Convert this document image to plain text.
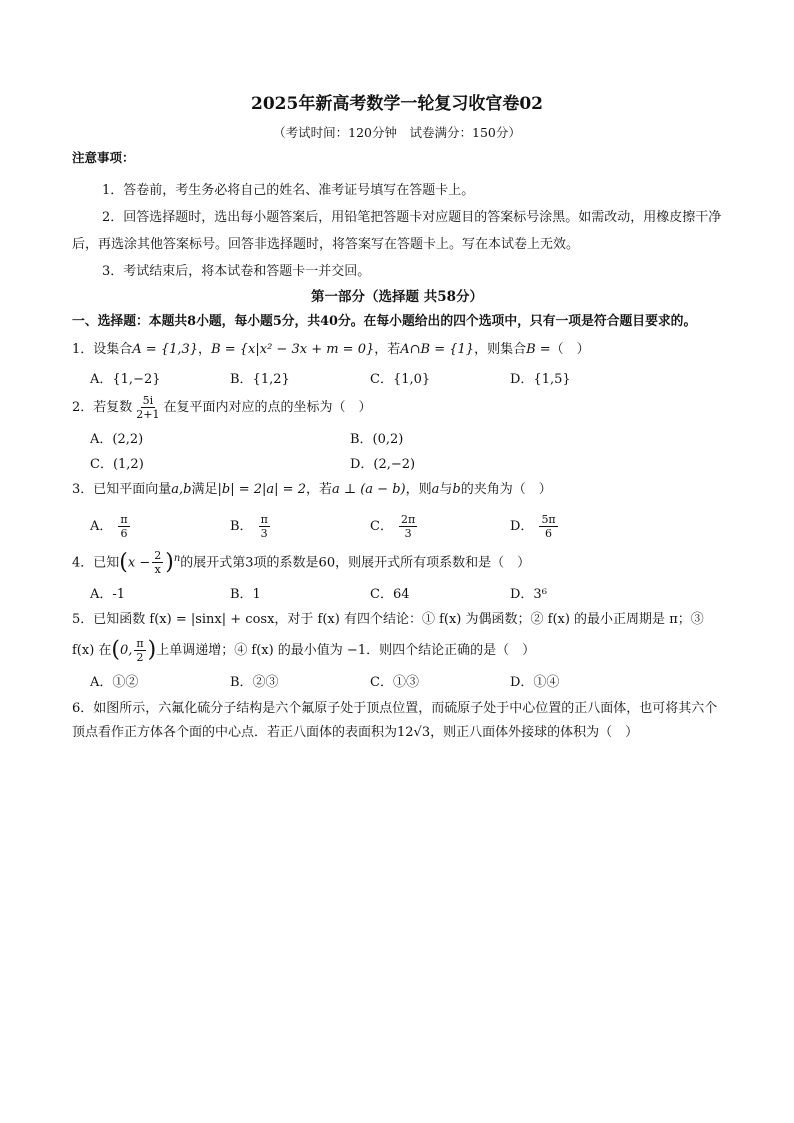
2025年新高考数学一轮复习收官卷02
（考试时间：120分钟　试卷满分：150分）
注意事项：
1．答卷前，考生务必将自己的姓名、准考证号填写在答题卡上。
2．回答选择题时，选出每小题答案后，用铅笔把答题卡对应题目的答案标号涂黑。如需改动，用橡皮擦干净后，再选涂其他答案标号。回答非选择题时，将答案写在答题卡上。写在本试卷上无效。
3．考试结束后，将本试卷和答题卡一并交回。
第一部分（选择题 共58分）
一、选择题：本题共8小题，每小题5分，共40分。在每小题给出的四个选项中，只有一项是符合题目要求的。
1．设集合A = {1,3}，B = {x|x² − 3x + m = 0}，若A∩B = {1}，则集合B =（　）
A．{1,−2}	B．{1,2}	C．{1,0}	D．{1,5}
2．若复数 $\frac{5i}{2+1}$ 在复平面内对应的点的坐标为（　）
A．(2,2)	B．(0,2)
C．(1,2)	D．(2,−2)
3．已知平面向量a,b满足|b| = 2|a| = 2，若a ⊥ (a − b)，则a与b的夹角为（　）
A． $\frac{\pi}{6}$	B． $\frac{\pi}{3}$	C． $\frac{2\pi}{3}$	D． $\frac{5\pi}{6}$
4．已知$(x - \frac{2}{x} )^n$的展开式第3项的系数是60，则展开式所有项系数和是（　）
A．-1	B．1	C．64	D．3⁶
5．已知函数 f(x) = |sinx| + cosx，对于 f(x) 有四个结论：① f(x) 为偶函数；② f(x) 的最小正周期是 π；③
f(x) 在(0, $\frac{\pi}{2}$ )上单调递增；④ f(x) 的最小值为 −1．则四个结论正确的是（　）
A．①②	B．②③	C．①③	D．①④
6．如图所示，六氟化硫分子结构是六个氟原子处于顶点位置，而硫原子处于中心位置的正八面体，也可将其六个顶点看作正方体各个面的中心点．若正八面体的表面积为12√3，则正八面体外接球的体积为（　）
